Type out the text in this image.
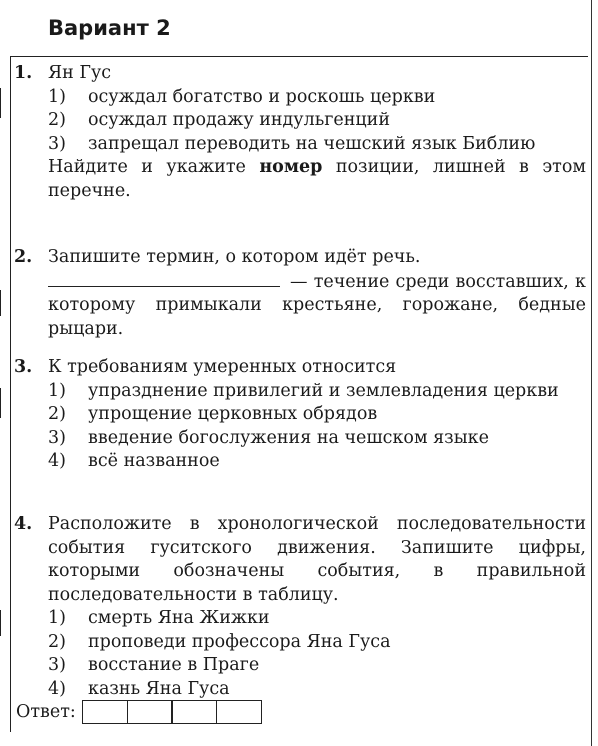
Вариант 2
1. Ян Гус
1)	осуждал богатство и роскошь церкви
2)	осуждал продажу индульгенций
3)	запрещал переводить на чешский язык Библию
Найдите и укажите номер позиции, лишней в этом перечне.
2. Запишите термин, о котором идёт речь.
— течение среди восставших, к которому примыкали крестьяне, горожане, бедные рыцари.
3. К требованиям умеренных относится
1)	упразднение привилегий и землевладения церкви
2)	упрощение церковных обрядов
3)	введение богослужения на чешском языке
4)	всё названное
4. Расположите в хронологической последовательности события гуситского движения. Запишите цифры, которыми обозначены события, в правильной последовательности в таблицу.
1)	смерть Яна Жижки
2)	проповеди профессора Яна Гуса
3)	восстание в Праге
4)	казнь Яна Гуса
Ответ:
